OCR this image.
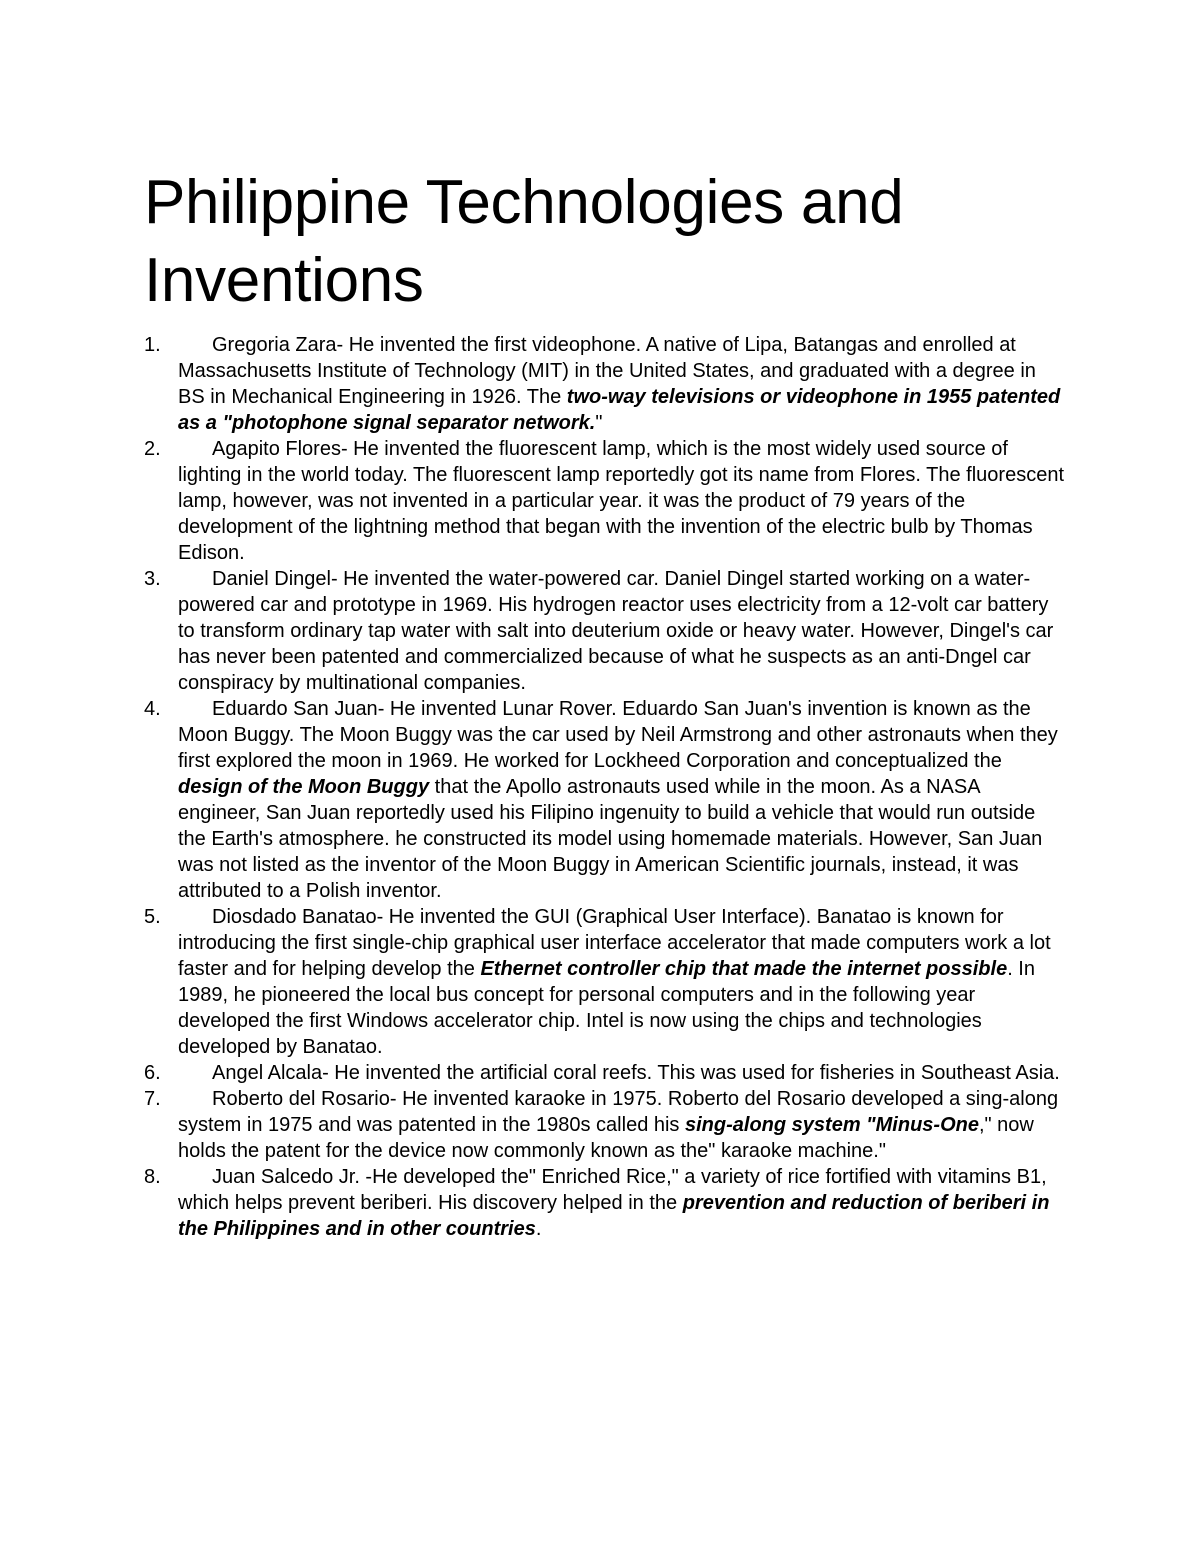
Philippine Technologies and Inventions
1.	Gregoria Zara- He invented the first videophone. A native of Lipa, Batangas and enrolled at Massachusetts Institute of Technology (MIT) in the United States, and graduated with a degree in BS in Mechanical Engineering in 1926. The two-way televisions or videophone in 1955 patented as a "photophone signal separator network."
2.	Agapito Flores- He invented the fluorescent lamp, which is the most widely used source of lighting in the world today. The fluorescent lamp reportedly got its name from Flores. The fluorescent lamp, however, was not invented in a particular year. it was the product of 79 years of the development of the lightning method that began with the invention of the electric bulb by Thomas Edison.
3.	Daniel Dingel- He invented the water-powered car. Daniel Dingel started working on a water-powered car and prototype in 1969. His hydrogen reactor uses electricity from a 12-volt car battery to transform ordinary tap water with salt into deuterium oxide or heavy water. However, Dingel's car has never been patented and commercialized because of what he suspects as an anti-Dngel car conspiracy by multinational companies.
4.	Eduardo San Juan- He invented Lunar Rover. Eduardo San Juan's invention is known as the Moon Buggy. The Moon Buggy was the car used by Neil Armstrong and other astronauts when they first explored the moon in 1969. He worked for Lockheed Corporation and conceptualized the design of the Moon Buggy that the Apollo astronauts used while in the moon. As a NASA engineer, San Juan reportedly used his Filipino ingenuity to build a vehicle that would run outside the Earth's atmosphere. he constructed its model using homemade materials. However, San Juan was not listed as the inventor of the Moon Buggy in American Scientific journals, instead, it was attributed to a Polish inventor.
5.	Diosdado Banatao- He invented the GUI (Graphical User Interface). Banatao is known for introducing the first single-chip graphical user interface accelerator that made computers work a lot faster and for helping develop the Ethernet controller chip that made the internet possible. In 1989, he pioneered the local bus concept for personal computers and in the following year developed the first Windows accelerator chip. Intel is now using the chips and technologies developed by Banatao.
6.	Angel Alcala- He invented the artificial coral reefs. This was used for fisheries in Southeast Asia.
7.	Roberto del Rosario- He invented karaoke in 1975. Roberto del Rosario developed a sing-along system in 1975 and was patented in the 1980s called his sing-along system "Minus-One," now holds the patent for the device now commonly known as the" karaoke machine."
8.	Juan Salcedo Jr. -He developed the" Enriched Rice," a variety of rice fortified with vitamins B1, which helps prevent beriberi. His discovery helped in the prevention and reduction of beriberi in the Philippines and in other countries.
